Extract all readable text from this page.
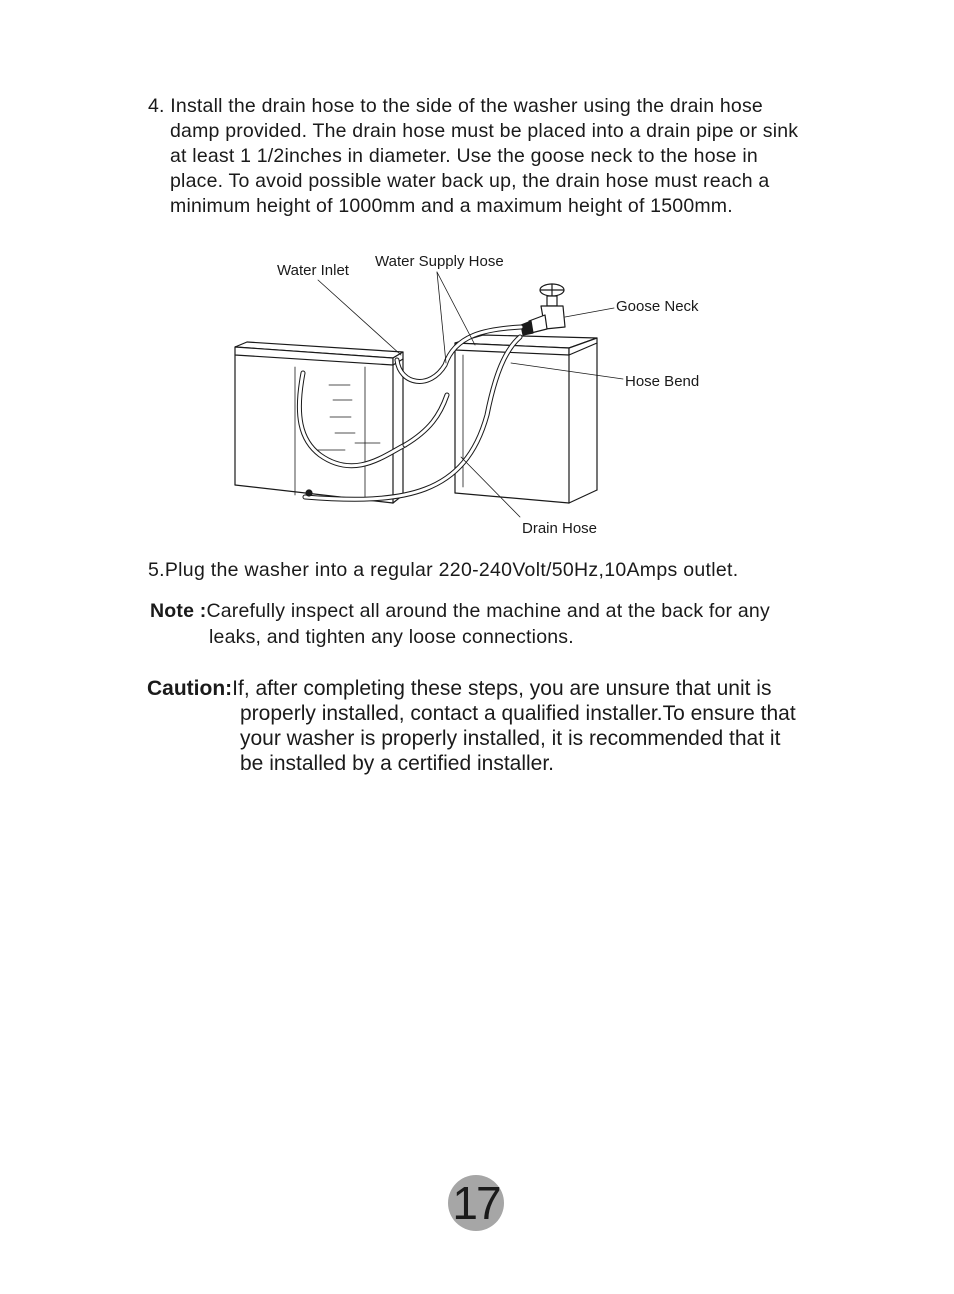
4. Install the drain hose to the side of the washer using the drain hose
damp provided. The drain hose must be placed into a drain pipe or sink
at least 1 1/2inches in diameter. Use the goose neck to the hose in
place. To avoid possible water back up, the drain hose must reach a
minimum height of 1000mm and a maximum height of 1500mm.
Water Inlet
Water Supply Hose
Goose Neck
Hose Bend
Drain Hose
5.Plug the washer into a regular 220-240Volt/50Hz,10Amps outlet.
Note :Carefully inspect all around the machine and at the back for any
leaks, and tighten any loose connections.
Caution:If, after completing these steps, you are unsure that unit is
properly installed, contact a qualified installer.To ensure that
your washer is properly installed, it is recommended that it
be installed by a certified installer.
17
